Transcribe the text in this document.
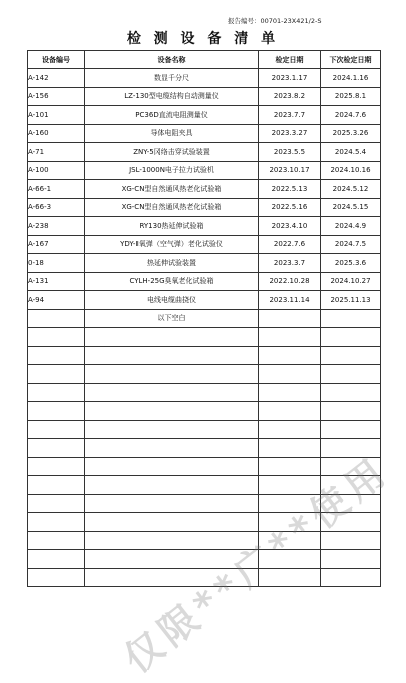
报告编号：00701-23X421/2-S
检 测 设 备 清 单
设备编号	设备名称	检定日期	下次检定日期
A-142	数显千分尺	2023.1.17	2024.1.16
A-156	LZ-130型电缆结构自动测量仪	2023.8.2	2025.8.1
A-101	PC36D直流电阻测量仪	2023.7.7	2024.7.6
A-160	导体电阻夹具	2023.3.27	2025.3.26
A-71	ZNY-5冈络击穿试验装置	2023.5.5	2024.5.4
A-100	JSL-1000N电子拉力试验机	2023.10.17	2024.10.16
A-66-1	XG-CN型自然通风热老化试验箱	2022.5.13	2024.5.12
A-66-3	XG-CN型自然通风热老化试验箱	2022.5.16	2024.5.15
A-238	RY130热延伸试验箱	2023.4.10	2024.4.9
A-167	YDY-Ⅱ氧弹（空气弹）老化试验仪	2022.7.6	2024.7.5
0-18	热延伸试验装置	2023.3.7	2025.3.6
A-131	CYLH-25G臭氧老化试验箱	2022.10.28	2024.10.27
A-94	电线电缆曲挠仪	2023.11.14	2025.11.13
	以下空白		

仅限**广**使用
